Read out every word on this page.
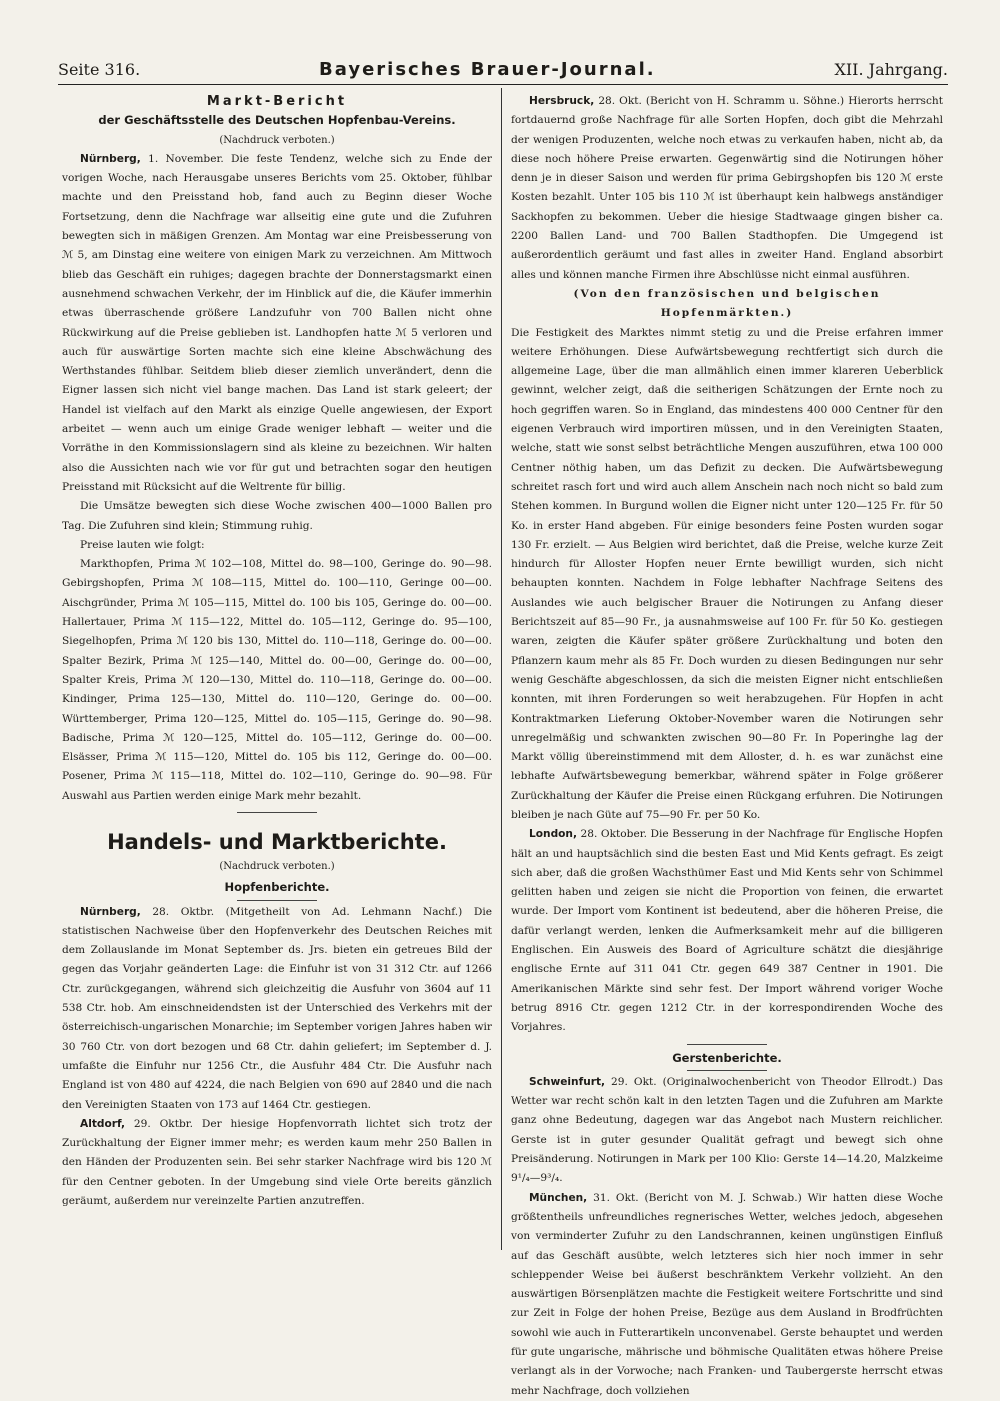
Seite 316.	Bayerisches Brauer-Journal.	XII. Jahrgang.
Markt-Bericht
der Geschäftsstelle des Deutschen Hopfenbau-Vereins.
(Nachdruck verboten.)

Nürnberg, 1. November. Die feste Tendenz, welche sich zu Ende der vorigen Woche, nach Herausgabe unseres Berichts vom 25. Oktober, fühlbar machte und den Preisstand hob, fand auch zu Beginn dieser Woche Fortsetzung, denn die Nachfrage war allseitig eine gute und die Zufuhren bewegten sich in mäßigen Grenzen. Am Montag war eine Preisbesserung von ℳ 5, am Dinstag eine weitere von einigen Mark zu verzeichnen. Am Mittwoch blieb das Geschäft ein ruhiges; dagegen brachte der Donnerstagsmarkt einen ausnehmend schwachen Verkehr, der im Hinblick auf die, die Käufer immerhin etwas überraschende größere Landzufuhr von 700 Ballen nicht ohne Rückwirkung auf die Preise geblieben ist. Landhopfen hatte ℳ 5 verloren und auch für auswärtige Sorten machte sich eine kleine Abschwächung des Werthstandes fühlbar. Seitdem blieb dieser ziemlich unverändert, denn die Eigner lassen sich nicht viel bange machen. Das Land ist stark geleert; der Handel ist vielfach auf den Markt als einzige Quelle angewiesen, der Export arbeitet — wenn auch um einige Grade weniger lebhaft — weiter und die Vorräthe in den Kommissionslagern sind als kleine zu bezeichnen. Wir halten also die Aussichten nach wie vor für gut und betrachten sogar den heutigen Preisstand mit Rücksicht auf die Weltrente für billig.

Die Umsätze bewegten sich diese Woche zwischen 400—1000 Ballen pro Tag. Die Zufuhren sind klein; Stimmung ruhig.

Preise lauten wie folgt:

Markthopfen, Prima ℳ 102—108, Mittel do. 98—100, Geringe do. 90—98. Gebirgshopfen, Prima ℳ 108—115, Mittel do. 100—110, Geringe 00—00. Aischgründer, Prima ℳ 105—115, Mittel do. 100 bis 105, Geringe do. 00—00. Hallertauer, Prima ℳ 115—122, Mittel do. 105—112, Geringe do. 95—100, Siegelhopfen, Prima ℳ 120 bis 130, Mittel do. 110—118, Geringe do. 00—00. Spalter Bezirk, Prima ℳ 125—140, Mittel do. 00—00, Geringe do. 00—00, Spalter Kreis, Prima ℳ 120—130, Mittel do. 110—118, Geringe do. 00—00. Kindinger, Prima 125—130, Mittel do. 110—120, Geringe do. 00—00. Württemberger, Prima 120—125, Mittel do. 105—115, Geringe do. 90—98. Badische, Prima ℳ 120—125, Mittel do. 105—112, Geringe do. 00—00. Elsässer, Prima ℳ 115—120, Mittel do. 105 bis 112, Geringe do. 00—00. Posener, Prima ℳ 115—118, Mittel do. 102—110, Geringe do. 90—98. Für Auswahl aus Partien werden einige Mark mehr bezahlt.

Handels- und Marktberichte.
(Nachdruck verboten.)
Hopfenberichte.

Nürnberg, 28. Oktbr. (Mitgetheilt von Ad. Lehmann Nachf.) Die statistischen Nachweise über den Hopfenverkehr des Deutschen Reiches mit dem Zollauslande im Monat September ds. Jrs. bieten ein getreues Bild der gegen das Vorjahr geänderten Lage: die Einfuhr ist von 31 312 Ctr. auf 1266 Ctr. zurückgegangen, während sich gleichzeitig die Ausfuhr von 3604 auf 11 538 Ctr. hob. Am einschneidendsten ist der Unterschied des Verkehrs mit der österreichisch-ungarischen Monarchie; im September vorigen Jahres haben wir 30 760 Ctr. von dort bezogen und 68 Ctr. dahin geliefert; im September d. J. umfaßte die Einfuhr nur 1256 Ctr., die Ausfuhr 484 Ctr. Die Ausfuhr nach England ist von 480 auf 4224, die nach Belgien von 690 auf 2840 und die nach den Vereinigten Staaten von 173 auf 1464 Ctr. gestiegen.

Altdorf, 29. Oktbr. Der hiesige Hopfenvorrath lichtet sich trotz der Zurückhaltung der Eigner immer mehr; es werden kaum mehr 250 Ballen in den Händen der Produzenten sein. Bei sehr starker Nachfrage wird bis 120 ℳ für den Centner geboten. In der Umgebung sind viele Orte bereits gänzlich geräumt, außerdem nur vereinzelte Partien anzutreffen.

Hersbruck, 28. Okt. (Bericht von H. Schramm u. Söhne.) Hierorts herrscht fortdauernd große Nachfrage für alle Sorten Hopfen, doch gibt die Mehrzahl der wenigen Produzenten, welche noch etwas zu verkaufen haben, nicht ab, da diese noch höhere Preise erwarten. Gegenwärtig sind die Notirungen höher denn je in dieser Saison und werden für prima Gebirgshopfen bis 120 ℳ erste Kosten bezahlt. Unter 105 bis 110 ℳ ist überhaupt kein halbwegs anständiger Sackhopfen zu bekommen. Ueber die hiesige Stadtwaage gingen bisher ca. 2200 Ballen Land- und 700 Ballen Stadthopfen. Die Umgegend ist außerordentlich geräumt und fast alles in zweiter Hand. England absorbirt alles und können manche Firmen ihre Abschlüsse nicht einmal ausführen.

(Von den französischen und belgischen Hopfenmärkten.)

Die Festigkeit des Marktes nimmt stetig zu und die Preise erfahren immer weitere Erhöhungen. Diese Aufwärtsbewegung rechtfertigt sich durch die allgemeine Lage, über die man allmählich einen immer klareren Ueberblick gewinnt, welcher zeigt, daß die seitherigen Schätzungen der Ernte noch zu hoch gegriffen waren. So in England, das mindestens 400 000 Centner für den eigenen Verbrauch wird importiren müssen, und in den Vereinigten Staaten, welche, statt wie sonst selbst beträchtliche Mengen auszuführen, etwa 100 000 Centner nöthig haben, um das Defizit zu decken. Die Aufwärtsbewegung schreitet rasch fort und wird auch allem Anschein nach noch nicht so bald zum Stehen kommen. In Burgund wollen die Eigner nicht unter 120—125 Fr. für 50 Ko. in erster Hand abgeben. Für einige besonders feine Posten wurden sogar 130 Fr. erzielt. — Aus Belgien wird berichtet, daß die Preise, welche kurze Zeit hindurch für Alloster Hopfen neuer Ernte bewilligt wurden, sich nicht behaupten konnten. Nachdem in Folge lebhafter Nachfrage Seitens des Auslandes wie auch belgischer Brauer die Notirungen zu Anfang dieser Berichtszeit auf 85—90 Fr., ja ausnahmsweise auf 100 Fr. für 50 Ko. gestiegen waren, zeigten die Käufer später größere Zurückhaltung und boten den Pflanzern kaum mehr als 85 Fr. Doch wurden zu diesen Bedingungen nur sehr wenig Geschäfte abgeschlossen, da sich die meisten Eigner nicht entschließen konnten, mit ihren Forderungen so weit herabzugehen. Für Hopfen in acht Kontraktmarken Lieferung Oktober-November waren die Notirungen sehr unregelmäßig und schwankten zwischen 90—80 Fr. In Poperinghe lag der Markt völlig übereinstimmend mit dem Alloster, d. h. es war zunächst eine lebhafte Aufwärtsbewegung bemerkbar, während später in Folge größerer Zurückhaltung der Käufer die Preise einen Rückgang erfuhren. Die Notirungen bleiben je nach Güte auf 75—90 Fr. per 50 Ko.

London, 28. Oktober. Die Besserung in der Nachfrage für Englische Hopfen hält an und hauptsächlich sind die besten East und Mid Kents gefragt. Es zeigt sich aber, daß die großen Wachsthümer East und Mid Kents sehr von Schimmel gelitten haben und zeigen sie nicht die Proportion von feinen, die erwartet wurde. Der Import vom Kontinent ist bedeutend, aber die höheren Preise, die dafür verlangt werden, lenken die Aufmerksamkeit mehr auf die billigeren Englischen. Ein Ausweis des Board of Agriculture schätzt die diesjährige englische Ernte auf 311 041 Ctr. gegen 649 387 Centner in 1901. Die Amerikanischen Märkte sind sehr fest. Der Import während voriger Woche betrug 8916 Ctr. gegen 1212 Ctr. in der korrespondirenden Woche des Vorjahres.

Gerstenberichte.

Schweinfurt, 29. Okt. (Originalwochenbericht von Theodor Ellrodt.) Das Wetter war recht schön kalt in den letzten Tagen und die Zufuhren am Markte ganz ohne Bedeutung, dagegen war das Angebot nach Mustern reichlicher. Gerste ist in guter gesunder Qualität gefragt und bewegt sich ohne Preisänderung. Notirungen in Mark per 100 Klio: Gerste 14—14.20, Malzkeime 9¹/₄—9³/₄.

München, 31. Okt. (Bericht von M. J. Schwab.) Wir hatten diese Woche größtentheils unfreundliches regnerisches Wetter, welches jedoch, abgesehen von verminderter Zufuhr zu den Landschrannen, keinen ungünstigen Einfluß auf das Geschäft ausübte, welch letzteres sich hier noch immer in sehr schleppender Weise bei äußerst beschränktem Verkehr vollzieht. An den auswärtigen Börsenplätzen machte die Festigkeit weitere Fortschritte und sind zur Zeit in Folge der hohen Preise, Bezüge aus dem Ausland in Brodfrüchten sowohl wie auch in Futterartikeln unconvenabel. Gerste behauptet und werden für gute ungarische, mährische und böhmische Qualitäten etwas höhere Preise verlangt als in der Vorwoche; nach Franken- und Taubergerste herrscht etwas mehr Nachfrage, doch vollziehen
